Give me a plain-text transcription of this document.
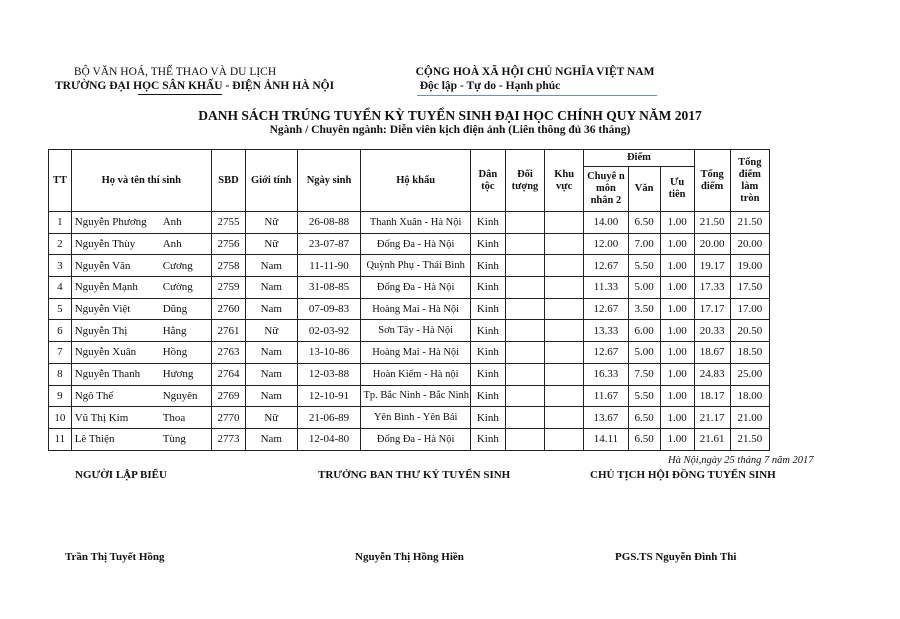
BỘ VĂN HOÁ, THỂ THAO VÀ DU LỊCH
TRƯỜNG ĐẠI HỌC SÂN KHẤU - ĐIỆN ẢNH HÀ NỘI
CỘNG HOÀ XÃ HỘI CHỦ NGHĨA VIỆT NAM
Độc lập - Tự do - Hạnh phúc
DANH SÁCH TRÚNG TUYỂN KỲ TUYỂN SINH ĐẠI HỌC CHÍNH QUY NĂM 2017
Ngành / Chuyên ngành: Diễn viên kịch điện ảnh (Liên thông đủ 36 tháng)
TT	Họ và tên thí sinh	SBD	Giới tính	Ngày sinh	Hộ khẩu	Dân tộc	Đối tượng	Khu vực	Điểm			Tổng điểm	Tổng điểm làm tròn
									Chuyê n môn nhân 2	Văn	Ưu tiên		
1	Nguyễn Phương Anh	2755	Nữ	26-08-88	Thanh Xuân - Hà Nội	Kinh			14.00	6.50	1.00	21.50	21.50
2	Nguyễn Thùy Anh	2756	Nữ	23-07-87	Đống Đa - Hà Nội	Kinh			12.00	7.00	1.00	20.00	20.00
3	Nguyễn Văn Cương	2758	Nam	11-11-90	Quỳnh Phụ - Thái Bình	Kinh			12.67	5.50	1.00	19.17	19.00
4	Nguyễn Mạnh Cường	2759	Nam	31-08-85	Đống Đa - Hà Nội	Kinh			11.33	5.00	1.00	17.33	17.50
5	Nguyễn Việt Dũng	2760	Nam	07-09-83	Hoàng Mai - Hà Nội	Kinh			12.67	3.50	1.00	17.17	17.00
6	Nguyễn Thị Hằng	2761	Nữ	02-03-92	Sơn Tây - Hà Nội	Kinh			13.33	6.00	1.00	20.33	20.50
7	Nguyễn Xuân Hồng	2763	Nam	13-10-86	Hoàng Mai - Hà Nội	Kinh			12.67	5.00	1.00	18.67	18.50
8	Nguyễn Thanh Hương	2764	Nam	12-03-88	Hoàn Kiếm - Hà nội	Kinh			16.33	7.50	1.00	24.83	25.00
9	Ngô Thế Nguyên	2769	Nam	12-10-91	Tp. Bắc Ninh - Bắc Ninh	Kinh			11.67	5.50	1.00	18.17	18.00
10	Vũ Thị Kim Thoa	2770	Nữ	21-06-89	Yên Bình - Yên Bái	Kinh			13.67	6.50	1.00	21.17	21.00
11	Lê Thiện Tùng	2773	Nam	12-04-80	Đống Đa - Hà Nội	Kinh			14.11	6.50	1.00	21.61	21.50
Hà Nội,ngày 25 tháng 7 năm 2017
NGƯỜI LẬP BIỂU	TRƯỞNG BAN THƯ KÝ TUYỂN SINH	CHỦ TỊCH HỘI ĐỒNG TUYỂN SINH
Trần Thị Tuyết Hồng	Nguyễn Thị Hồng Hiền	PGS.TS Nguyễn Đình Thi
